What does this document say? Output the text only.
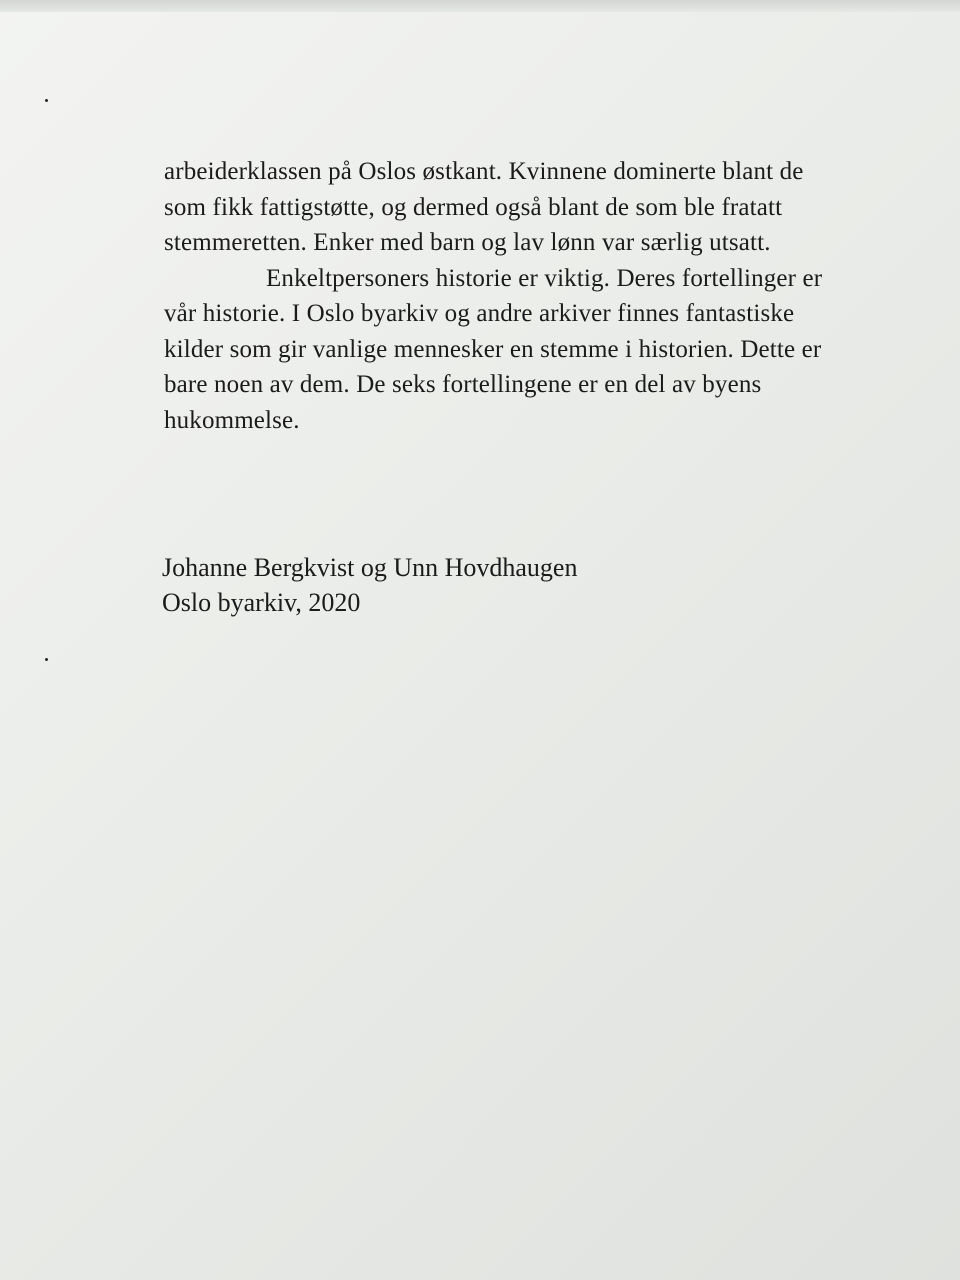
arbeiderklassen på Oslos østkant. Kvinnene dominerte blant de
som fikk fattigstøtte, og dermed også blant de som ble fratatt
stemmeretten. Enker med barn og lav lønn var særlig utsatt.
Enkeltpersoners historie er viktig. Deres fortellinger er
vår historie. I Oslo byarkiv og andre arkiver finnes fantastiske
kilder som gir vanlige mennesker en stemme i historien. Dette er
bare noen av dem. De seks fortellingene er en del av byens
hukommelse.
Johanne Bergkvist og Unn Hovdhaugen
Oslo byarkiv, 2020
